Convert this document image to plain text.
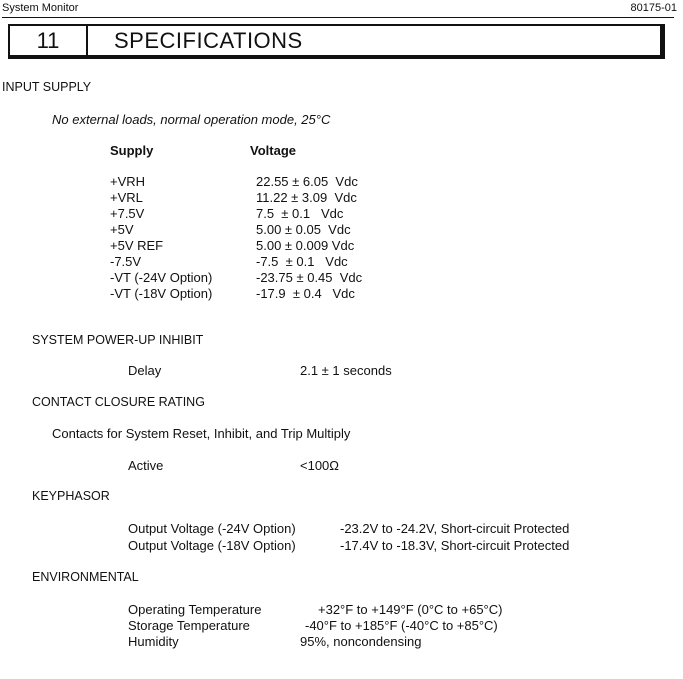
System Monitor	80175-01
11	SPECIFICATIONS
INPUT SUPPLY
No external loads, normal operation mode, 25°C
Supply	Voltage
+VRH	22.55 ± 6.05  Vdc
+VRL	11.22 ± 3.09  Vdc
+7.5V	7.5  ± 0.1   Vdc
+5V	5.00 ± 0.05  Vdc
+5V REF	5.00 ± 0.009 Vdc
-7.5V	-7.5  ± 0.1   Vdc
-VT (-24V Option)	-23.75 ± 0.45  Vdc
-VT (-18V Option)	-17.9  ± 0.4   Vdc
SYSTEM POWER-UP INHIBIT
Delay	2.1 ± 1 seconds
CONTACT CLOSURE RATING
Contacts for System Reset, Inhibit, and Trip Multiply
Active	<100Ω
KEYPHASOR
Output Voltage (-24V Option)	-23.2V to -24.2V, Short-circuit Protected
Output Voltage (-18V Option)	-17.4V to -18.3V, Short-circuit Protected
ENVIRONMENTAL
Operating Temperature	+32°F to +149°F (0°C to +65°C)
Storage Temperature	-40°F to +185°F (-40°C to +85°C)
Humidity	95%, noncondensing
